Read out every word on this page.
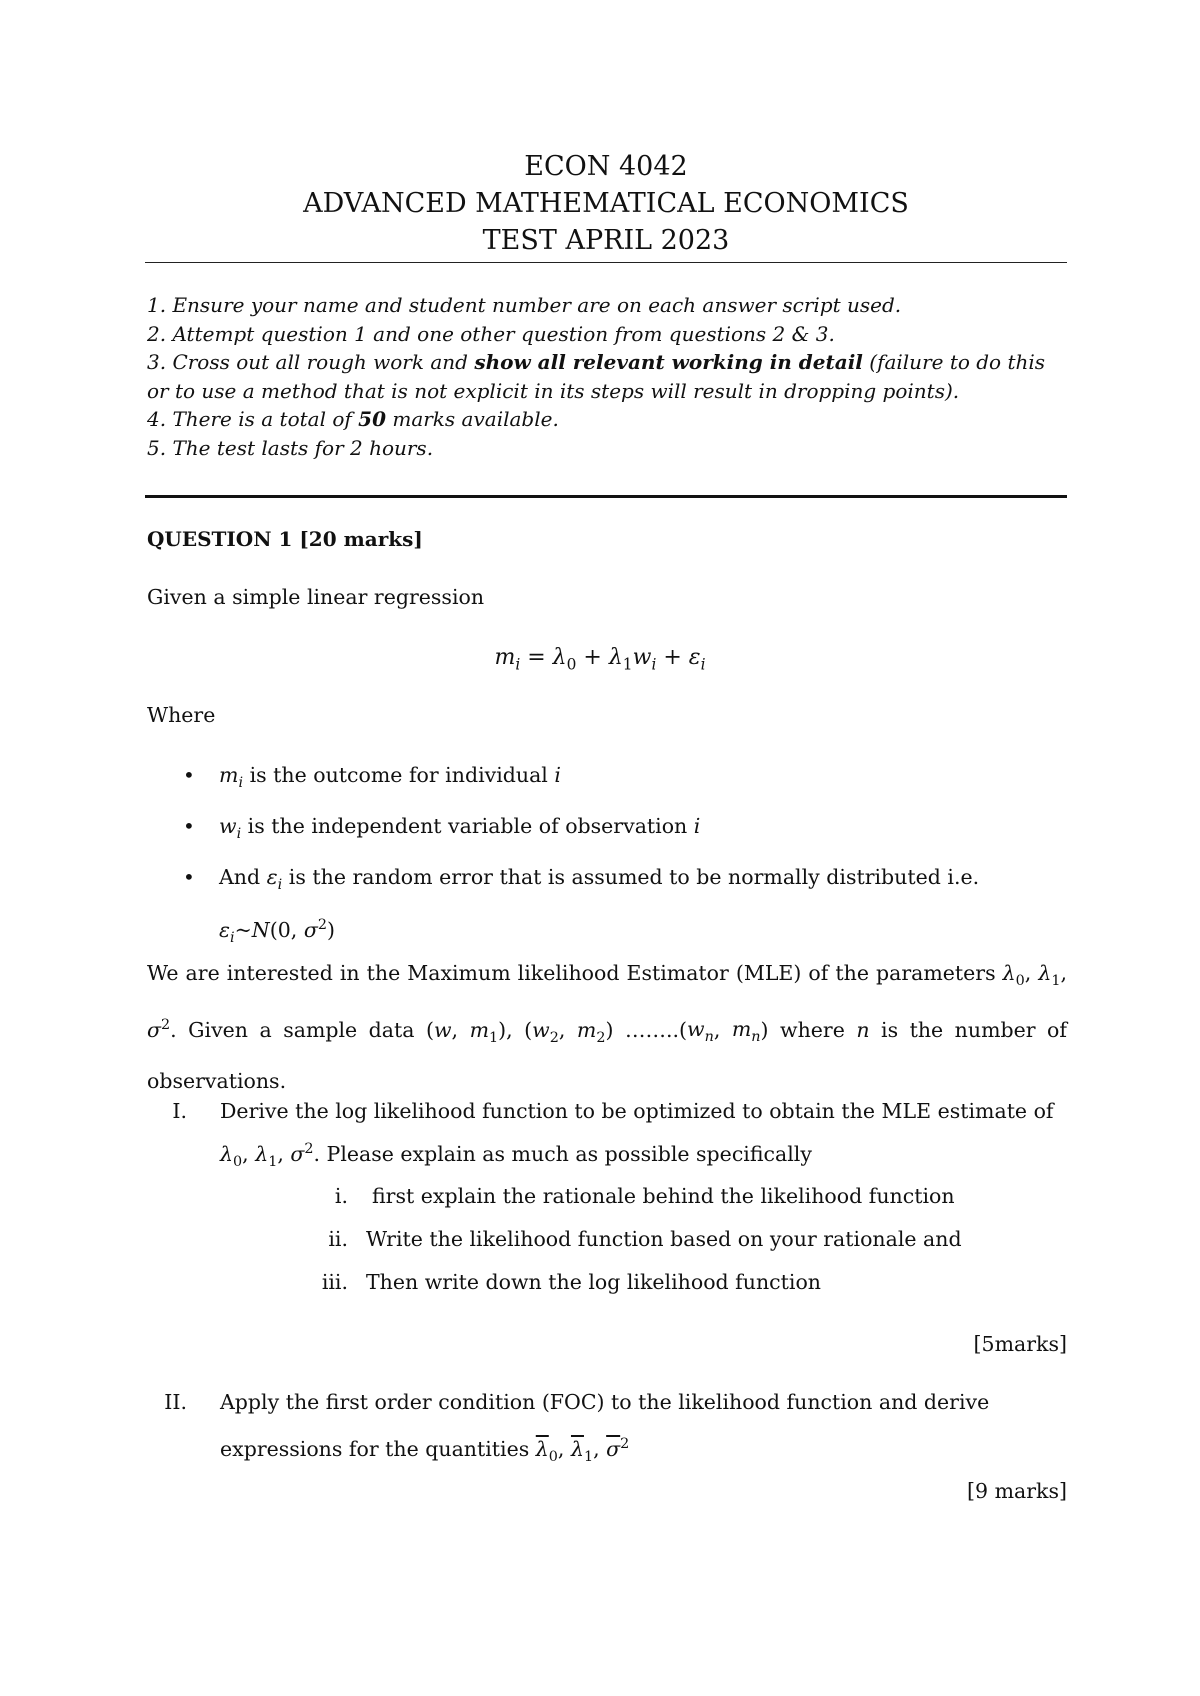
ECON 4042
ADVANCED MATHEMATICAL ECONOMICS
TEST APRIL 2023
1. Ensure your name and student number are on each answer script used.
2. Attempt question 1 and one other question from questions 2 & 3.
3. Cross out all rough work and show all relevant working in detail (failure to do this or to use a method that is not explicit in its steps will result in dropping points).
4. There is a total of 50 marks available.
5. The test lasts for 2 hours.
QUESTION 1 [20 marks]
Given a simple linear regression
$m_i = \lambda_0 + \lambda_1w_i + \varepsilon_i$
Where
• $m_i$ is the outcome for individual i
• $w_i$ is the independent variable of observation i
• And $\varepsilon_i$ is the random error that is assumed to be normally distributed i.e.
$\varepsilon_i\sim N(0$, $\sigma^2$)
We are interested in the Maximum likelihood Estimator (MLE) of the parameters $\lambda_0$, $\lambda_1$, $\sigma^2$. Given a sample data (w, $m_1$), ($w_2$, $m_2$) $\dots\dots..(w_n$, $m_n$) where n is the number of observations.
I. Derive the log likelihood function to be optimized to obtain the MLE estimate of
$\lambda_0$, $\lambda_1$, $\sigma^2$. Please explain as much as possible specifically
i. first explain the rationale behind the likelihood function
ii. Write the likelihood function based on your rationale and
iii. Then write down the log likelihood function
[5marks]
II. Apply the first order condition (FOC) to the likelihood function and derive
expressions for the quantities $\overline{\lambda}_0$, $\overline{\lambda}_1$, $\overline{\sigma}^2$
[9 marks]
